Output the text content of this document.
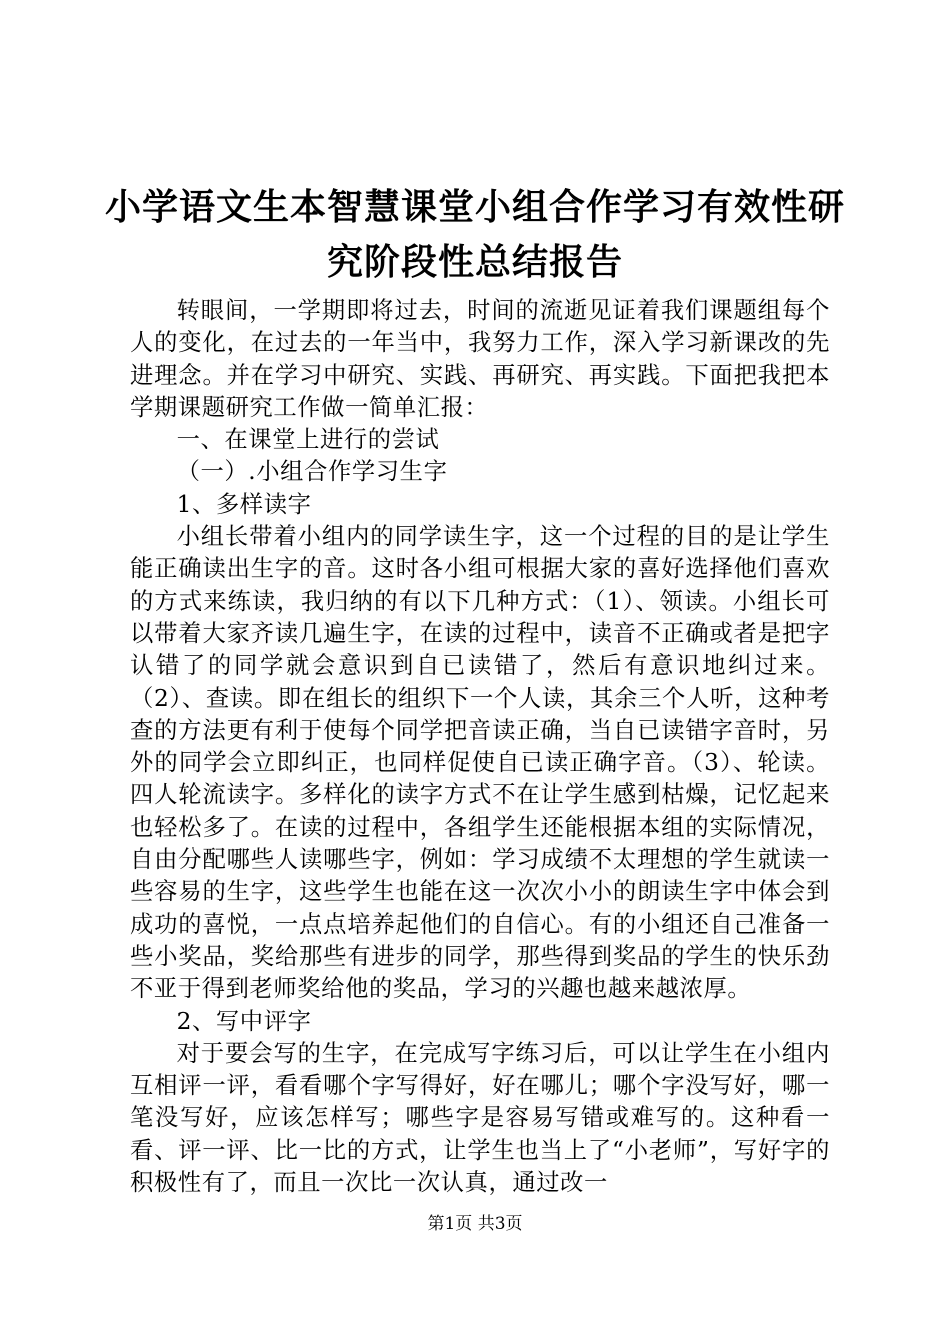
小学语文生本智慧课堂小组合作学习有效性研
究阶段性总结报告

转眼间，一学期即将过去，时间的流逝见证着我们课题组每个人的变化，在过去的一年当中，我努力工作，深入学习新课改的先进理念。并在学习中研究、实践、再研究、再实践。下面把我把本学期课题研究工作做一简单汇报：

一、在课堂上进行的尝试

（一）.小组合作学习生字

1、多样读字

小组长带着小组内的同学读生字，这一个过程的目的是让学生能正确读出生字的音。这时各小组可根据大家的喜好选择他们喜欢的方式来练读，我归纳的有以下几种方式：（1）、领读。小组长可以带着大家齐读几遍生字，在读的过程中，读音不正确或者是把字认错了的同学就会意识到自已读错了，然后有意识地纠过来。（2）、查读。即在组长的组织下一个人读，其余三个人听，这种考查的方法更有利于使每个同学把音读正确，当自已读错字音时，另外的同学会立即纠正，也同样促使自已读正确字音。（3）、轮读。四人轮流读字。多样化的读字方式不在让学生感到枯燥，记忆起来也轻松多了。在读的过程中，各组学生还能根据本组的实际情况，自由分配哪些人读哪些字，例如：学习成绩不太理想的学生就读一些容易的生字，这些学生也能在这一次次小小的朗读生字中体会到成功的喜悦，一点点培养起他们的自信心。有的小组还自己准备一些小奖品，奖给那些有进步的同学，那些得到奖品的学生的快乐劲不亚于得到老师奖给他的奖品，学习的兴趣也越来越浓厚。

2、写中评字

对于要会写的生字，在完成写字练习后，可以让学生在小组内互相评一评，看看哪个字写得好，好在哪儿；哪个字没写好，哪一笔没写好，应该怎样写；哪些字是容易写错或难写的。这种看一看、评一评、比一比的方式，让学生也当上了“小老师”，写好字的积极性有了，而且一次比一次认真，通过改一

第1页 共3页
